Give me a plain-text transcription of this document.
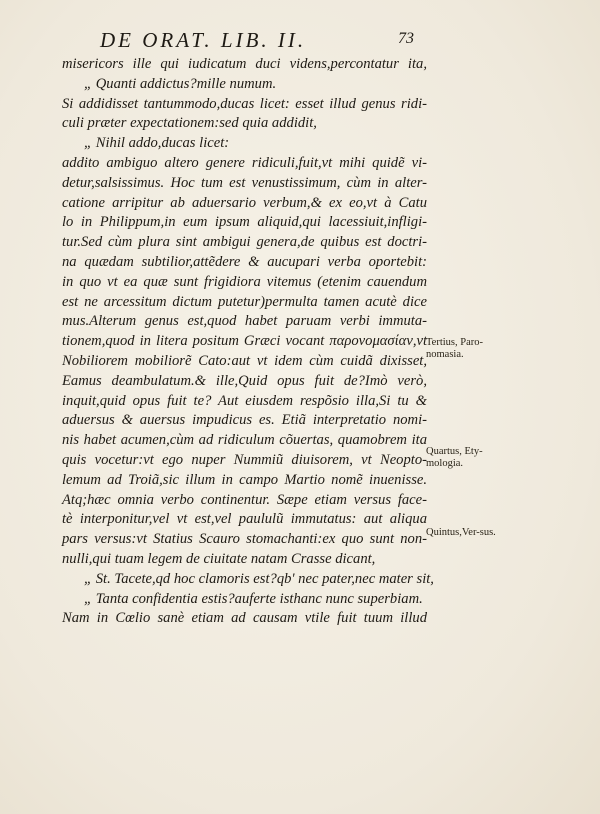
DE ORAT. LIB. II.	73
misericors ille qui iudicatum duci videns,percontatur ita,
„ Quanti addictus?mille numum.
Si addidisset tantummodo,ducas licet: esset illud genus ridi-
culi præter expectationem:sed quia addidit,
„ Nihil addo,ducas licet:
addito ambiguo altero genere ridiculi,fuit,vt mihi quidẽ vi-
detur,salsissimus. Hoc tum est venustissimum, cùm in alter-
catione arripitur ab aduersario verbum,& ex eo,vt à Catu
lo in Philippum,in eum ipsum aliquid,qui lacessiuit,infligi-
tur.Sed cùm plura sint ambigui genera,de quibus est doctri-
na quædam subtilior,attẽdere & aucupari verba oportebit:
in quo vt ea quæ sunt frigidiora vitemus (etenim cauendum
est ne arcessitum dictum putetur)permulta tamen acutè dice
mus.Alterum genus est,quod habet paruam verbi immuta-
tionem,quod in litera positum Græci vocant παρονομασίαν,vt
Nobiliorem mobiliorẽ Cato:aut vt idem cùm cuidã dixisset,
Eamus deambulatum.& ille,Quid opus fuit de?Imò verò,
inquit,quid opus fuit te? Aut eiusdem respõsio illa,Si tu &
aduersus & auersus impudicus es. Etiã interpretatio nomi-
nis habet acumen,cùm ad ridiculum cõuertas, quamobrem ita
quis vocetur:vt ego nuper Nummiũ diuisorem, vt Neopto-
lemum ad Troiã,sic illum in campo Martio nomẽ inuenisse.
Atq;hæc omnia verbo continentur. Sæpe etiam versus face-
tè interponitur,vel vt est,vel paululũ immutatus: aut aliqua
pars versus:vt Statius Scauro stomachanti:ex quo sunt non-
nulli,qui tuam legem de ciuitate natam Crasse dicant,
„ St. Tacete,qd hoc clamoris est?qb' nec pater,nec mater sit,
„ Tanta confidentia estis?auferte isthanc nunc superbiam.
Nam in Cœlio sanè etiam ad causam vtile fuit tuum illud
Tertius, Paro-nomasia.
Quartus, Ety-mologia.
Quintus,Ver-sus.
